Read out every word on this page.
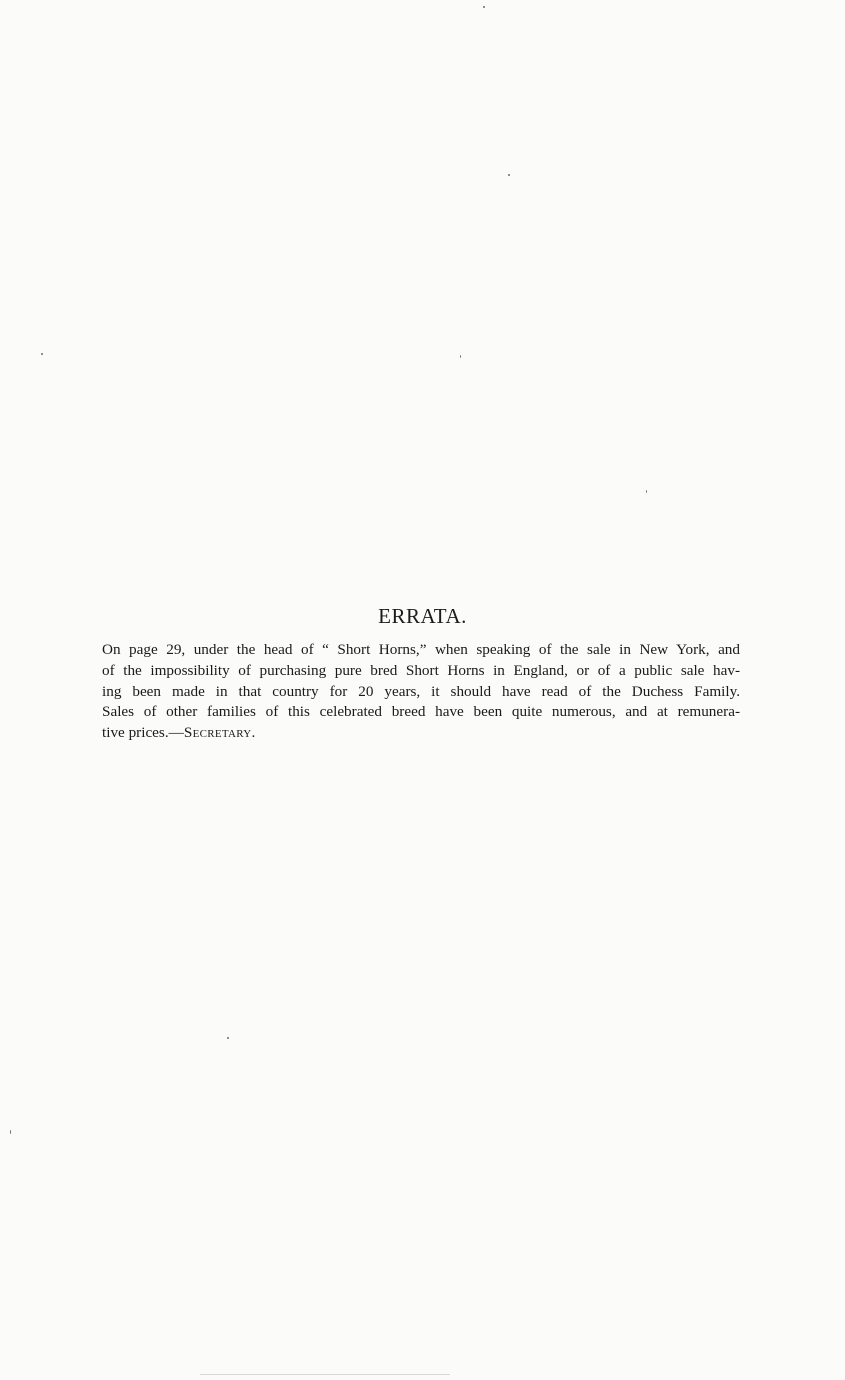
ERRATA.
On page 29, under the head of “ Short Horns,” when speaking of the sale in New York, and
of the impossibility of purchasing pure bred Short Horns in England, or of a public sale hav-
ing been made in that country for 20 years, it should have read of the Duchess Family.
Sales of other families of this celebrated breed have been quite numerous, and at remunera-
tive prices.—Secretary.
